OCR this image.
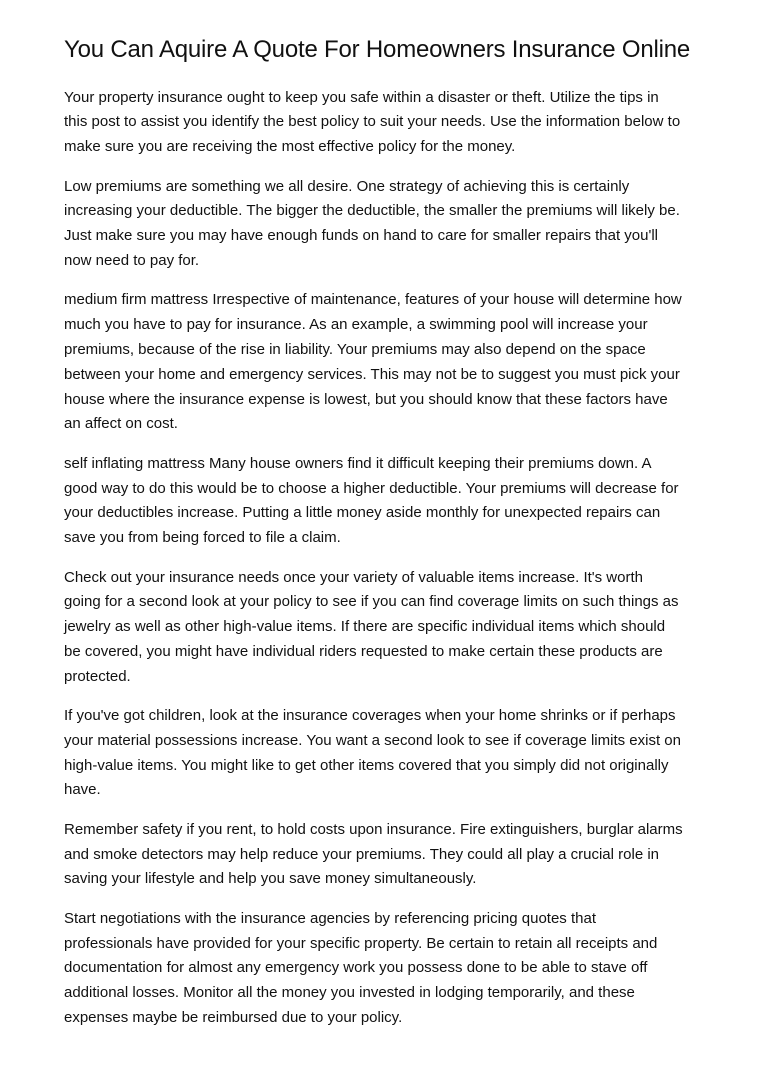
You Can Aquire A Quote For Homeowners Insurance Online
Your property insurance ought to keep you safe within a disaster or theft. Utilize the tips in
this post to assist you identify the best policy to suit your needs. Use the information below to
make sure you are receiving the most effective policy for the money.
Low premiums are something we all desire. One strategy of achieving this is certainly
increasing your deductible. The bigger the deductible, the smaller the premiums will likely be.
Just make sure you may have enough funds on hand to care for smaller repairs that you'll
now need to pay for.
medium firm mattress Irrespective of maintenance, features of your house will determine how
much you have to pay for insurance. As an example, a swimming pool will increase your
premiums, because of the rise in liability. Your premiums may also depend on the space
between your home and emergency services. This may not be to suggest you must pick your
house where the insurance expense is lowest, but you should know that these factors have
an affect on cost.
self inflating mattress Many house owners find it difficult keeping their premiums down. A
good way to do this would be to choose a higher deductible. Your premiums will decrease for
your deductibles increase. Putting a little money aside monthly for unexpected repairs can
save you from being forced to file a claim.
Check out your insurance needs once your variety of valuable items increase. It's worth
going for a second look at your policy to see if you can find coverage limits on such things as
jewelry as well as other high-value items. If there are specific individual items which should
be covered, you might have individual riders requested to make certain these products are
protected.
If you've got children, look at the insurance coverages when your home shrinks or if perhaps
your material possessions increase. You want a second look to see if coverage limits exist on
high-value items. You might like to get other items covered that you simply did not originally
have.
Remember safety if you rent, to hold costs upon insurance. Fire extinguishers, burglar alarms
and smoke detectors may help reduce your premiums. They could all play a crucial role in
saving your lifestyle and help you save money simultaneously.
Start negotiations with the insurance agencies by referencing pricing quotes that
professionals have provided for your specific property. Be certain to retain all receipts and
documentation for almost any emergency work you possess done to be able to stave off
additional losses. Monitor all the money you invested in lodging temporarily, and these
expenses maybe be reimbursed due to your policy.
